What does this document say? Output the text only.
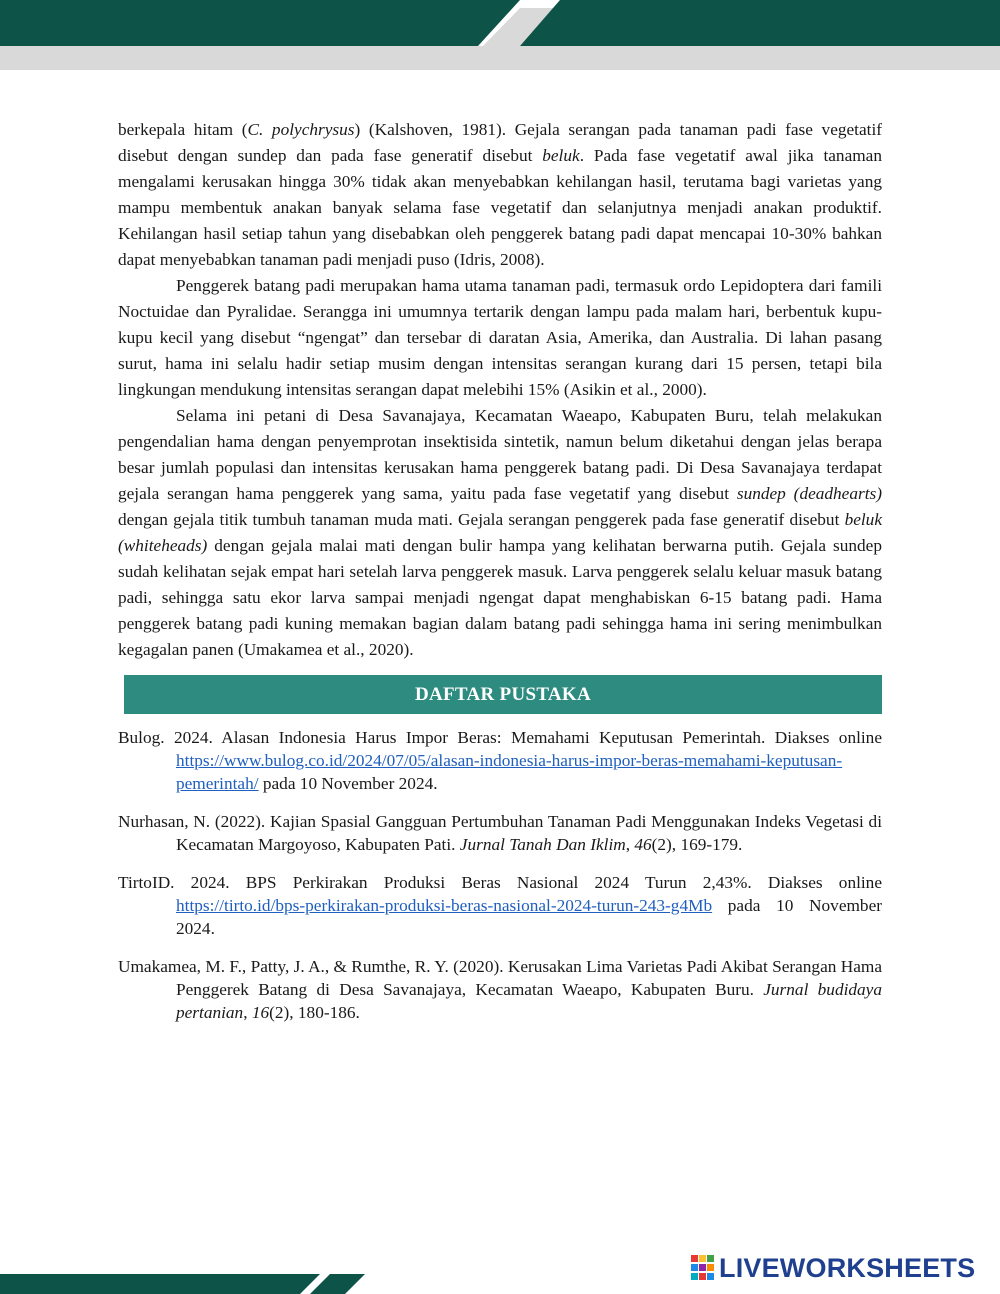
berkepala hitam (C. polychrysus) (Kalshoven, 1981). Gejala serangan pada tanaman padi fase vegetatif disebut dengan sundep dan pada fase generatif disebut beluk. Pada fase vegetatif awal jika tanaman mengalami kerusakan hingga 30% tidak akan menyebabkan kehilangan hasil, terutama bagi varietas yang mampu membentuk anakan banyak selama fase vegetatif dan selanjutnya menjadi anakan produktif. Kehilangan hasil setiap tahun yang disebabkan oleh penggerek batang padi dapat mencapai 10-30% bahkan dapat menyebabkan tanaman padi menjadi puso (Idris, 2008).

Penggerek batang padi merupakan hama utama tanaman padi, termasuk ordo Lepidoptera dari famili Noctuidae dan Pyralidae. Serangga ini umumnya tertarik dengan lampu pada malam hari, berbentuk kupu-kupu kecil yang disebut “ngengat” dan tersebar di daratan Asia, Amerika, dan Australia. Di lahan pasang surut, hama ini selalu hadir setiap musim dengan intensitas serangan kurang dari 15 persen, tetapi bila lingkungan mendukung intensitas serangan dapat melebihi 15% (Asikin et al., 2000).

Selama ini petani di Desa Savanajaya, Kecamatan Waeapo, Kabupaten Buru, telah melakukan pengendalian hama dengan penyemprotan insektisida sintetik, namun belum diketahui dengan jelas berapa besar jumlah populasi dan intensitas kerusakan hama penggerek batang padi. Di Desa Savanajaya terdapat gejala serangan hama penggerek yang sama, yaitu pada fase vegetatif yang disebut sundep (deadhearts) dengan gejala titik tumbuh tanaman muda mati. Gejala serangan penggerek pada fase generatif disebut beluk (whiteheads) dengan gejala malai mati dengan bulir hampa yang kelihatan berwarna putih. Gejala sundep sudah kelihatan sejak empat hari setelah larva penggerek masuk. Larva penggerek selalu keluar masuk batang padi, sehingga satu ekor larva sampai menjadi ngengat dapat menghabiskan 6-15 batang padi. Hama penggerek batang padi kuning memakan bagian dalam batang padi sehingga hama ini sering menimbulkan kegagalan panen (Umakamea et al., 2020).

DAFTAR PUSTAKA

Bulog. 2024. Alasan Indonesia Harus Impor Beras: Memahami Keputusan Pemerintah. Diakses online https://www.bulog.co.id/2024/07/05/alasan-indonesia-harus-impor-beras-memahami-keputusan-pemerintah/ pada 10 November 2024.

Nurhasan, N. (2022). Kajian Spasial Gangguan Pertumbuhan Tanaman Padi Menggunakan Indeks Vegetasi di Kecamatan Margoyoso, Kabupaten Pati. Jurnal Tanah Dan Iklim, 46(2), 169-179.

TirtoID. 2024. BPS Perkirakan Produksi Beras Nasional 2024 Turun 2,43%. Diakses online https://tirto.id/bps-perkirakan-produksi-beras-nasional-2024-turun-243-g4Mb pada 10 November 2024.

Umakamea, M. F., Patty, J. A., & Rumthe, R. Y. (2020). Kerusakan Lima Varietas Padi Akibat Serangan Hama Penggerek Batang di Desa Savanajaya, Kecamatan Waeapo, Kabupaten Buru. Jurnal budidaya pertanian, 16(2), 180-186.

LIVEWORKSHEETS
